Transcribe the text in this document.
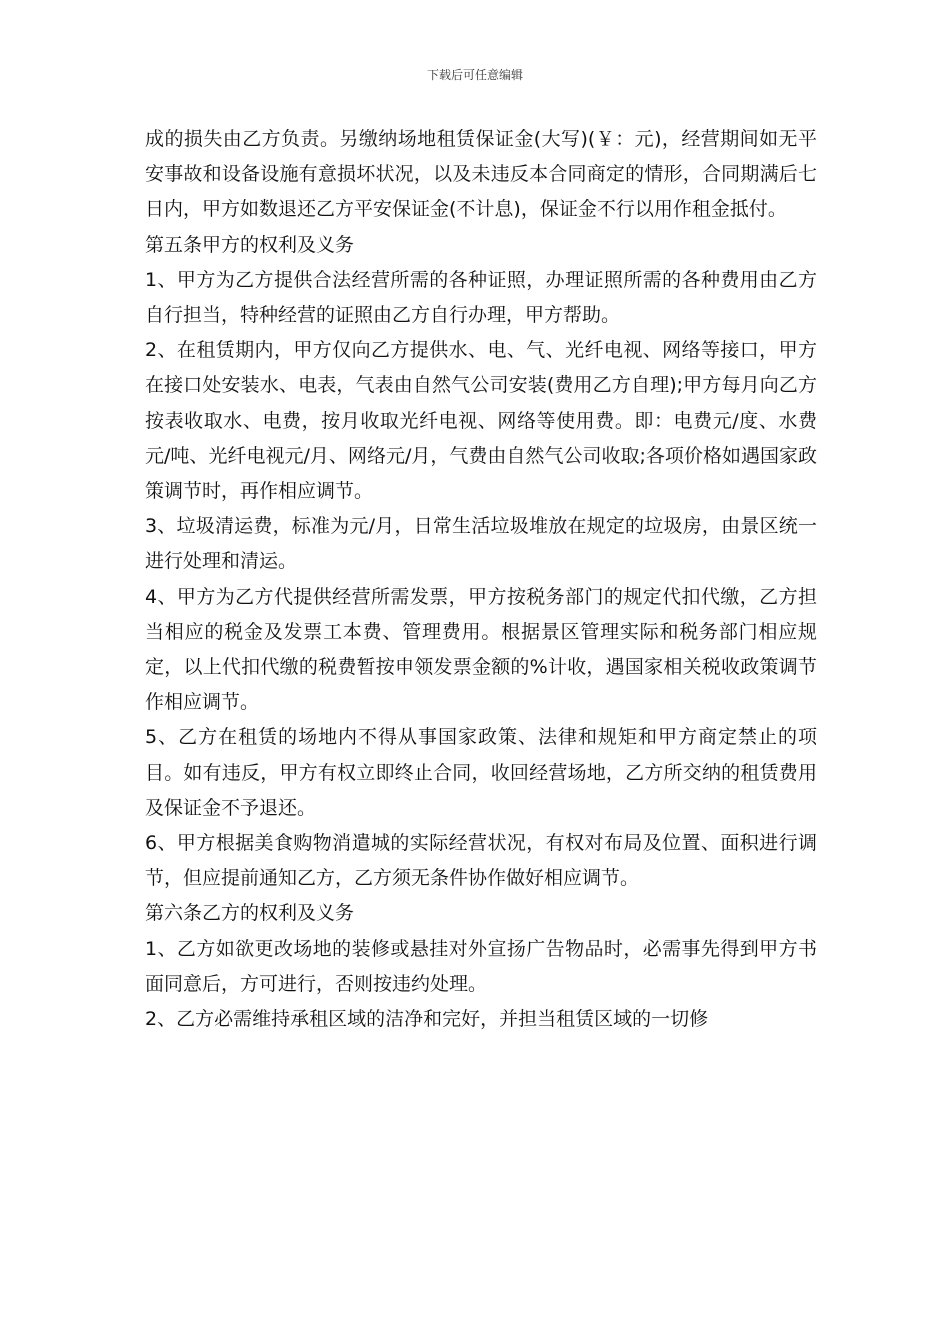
下载后可任意编辑

成的损失由乙方负责。另缴纳场地租赁保证金(大写)(￥：元)，经营期间如无平安事故和设备设施有意损坏状况，以及未违反本合同商定的情形，合同期满后七日内，甲方如数退还乙方平安保证金(不计息)，保证金不行以用作租金抵付。

第五条甲方的权利及义务

1、甲方为乙方提供合法经营所需的各种证照，办理证照所需的各种费用由乙方自行担当，特种经营的证照由乙方自行办理，甲方帮助。

2、在租赁期内，甲方仅向乙方提供水、电、气、光纤电视、网络等接口，甲方在接口处安装水、电表，气表由自然气公司安装(费用乙方自理);甲方每月向乙方按表收取水、电费，按月收取光纤电视、网络等使用费。即：电费元/度、水费元/吨、光纤电视元/月、网络元/月，气费由自然气公司收取;各项价格如遇国家政策调节时，再作相应调节。

3、垃圾清运费，标准为元/月，日常生活垃圾堆放在规定的垃圾房，由景区统一进行处理和清运。

4、甲方为乙方代提供经营所需发票，甲方按税务部门的规定代扣代缴，乙方担当相应的税金及发票工本费、管理费用。根据景区管理实际和税务部门相应规定，以上代扣代缴的税费暂按申领发票金额的%计收，遇国家相关税收政策调节作相应调节。

5、乙方在租赁的场地内不得从事国家政策、法律和规矩和甲方商定禁止的项目。如有违反，甲方有权立即终止合同，收回经营场地，乙方所交纳的租赁费用及保证金不予退还。

6、甲方根据美食购物消遣城的实际经营状况，有权对布局及位置、面积进行调节，但应提前通知乙方，乙方须无条件协作做好相应调节。

第六条乙方的权利及义务

1、乙方如欲更改场地的装修或悬挂对外宣扬广告物品时，必需事先得到甲方书面同意后，方可进行，否则按违约处理。

2、乙方必需维持承租区域的洁净和完好，并担当租赁区域的一切修
